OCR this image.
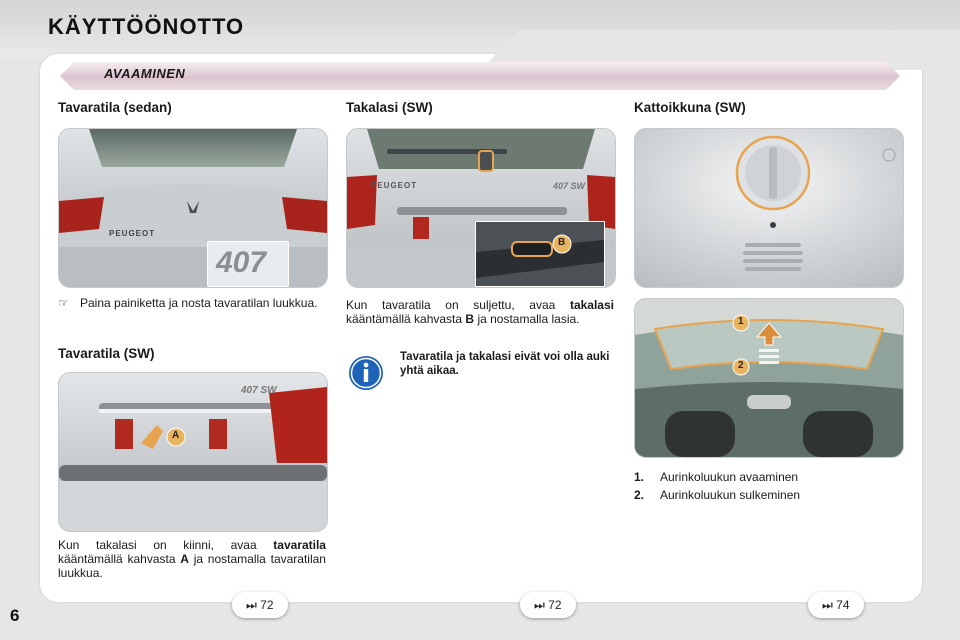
KÄYTTÖÖNOTTO
AVAAMINEN
Tavaratila (sedan)
PEUGEOT
407
☞ Paina painiketta ja nosta tavaratilan luukkua.

Tavaratila (SW)
407 SW
A

Kun takalasi on kiinni, avaa tavaratila kääntämällä kahvasta A ja nostamalla tavaratilan luukkua.

Takalasi (SW)
PEUGEOT	407 SW
B

Kun tavaratila on suljettu, avaa takalasi kääntämällä kahvasta B ja nostamalla lasia.

Tavaratila ja takalasi eivät voi olla auki yhtä aikaa.

Kattoikkuna (SW)
1
2
1. Aurinkoluukun avaaminen
2. Aurinkoluukun sulkeminen
⏭ 72	⏭ 72	⏭ 74

6
